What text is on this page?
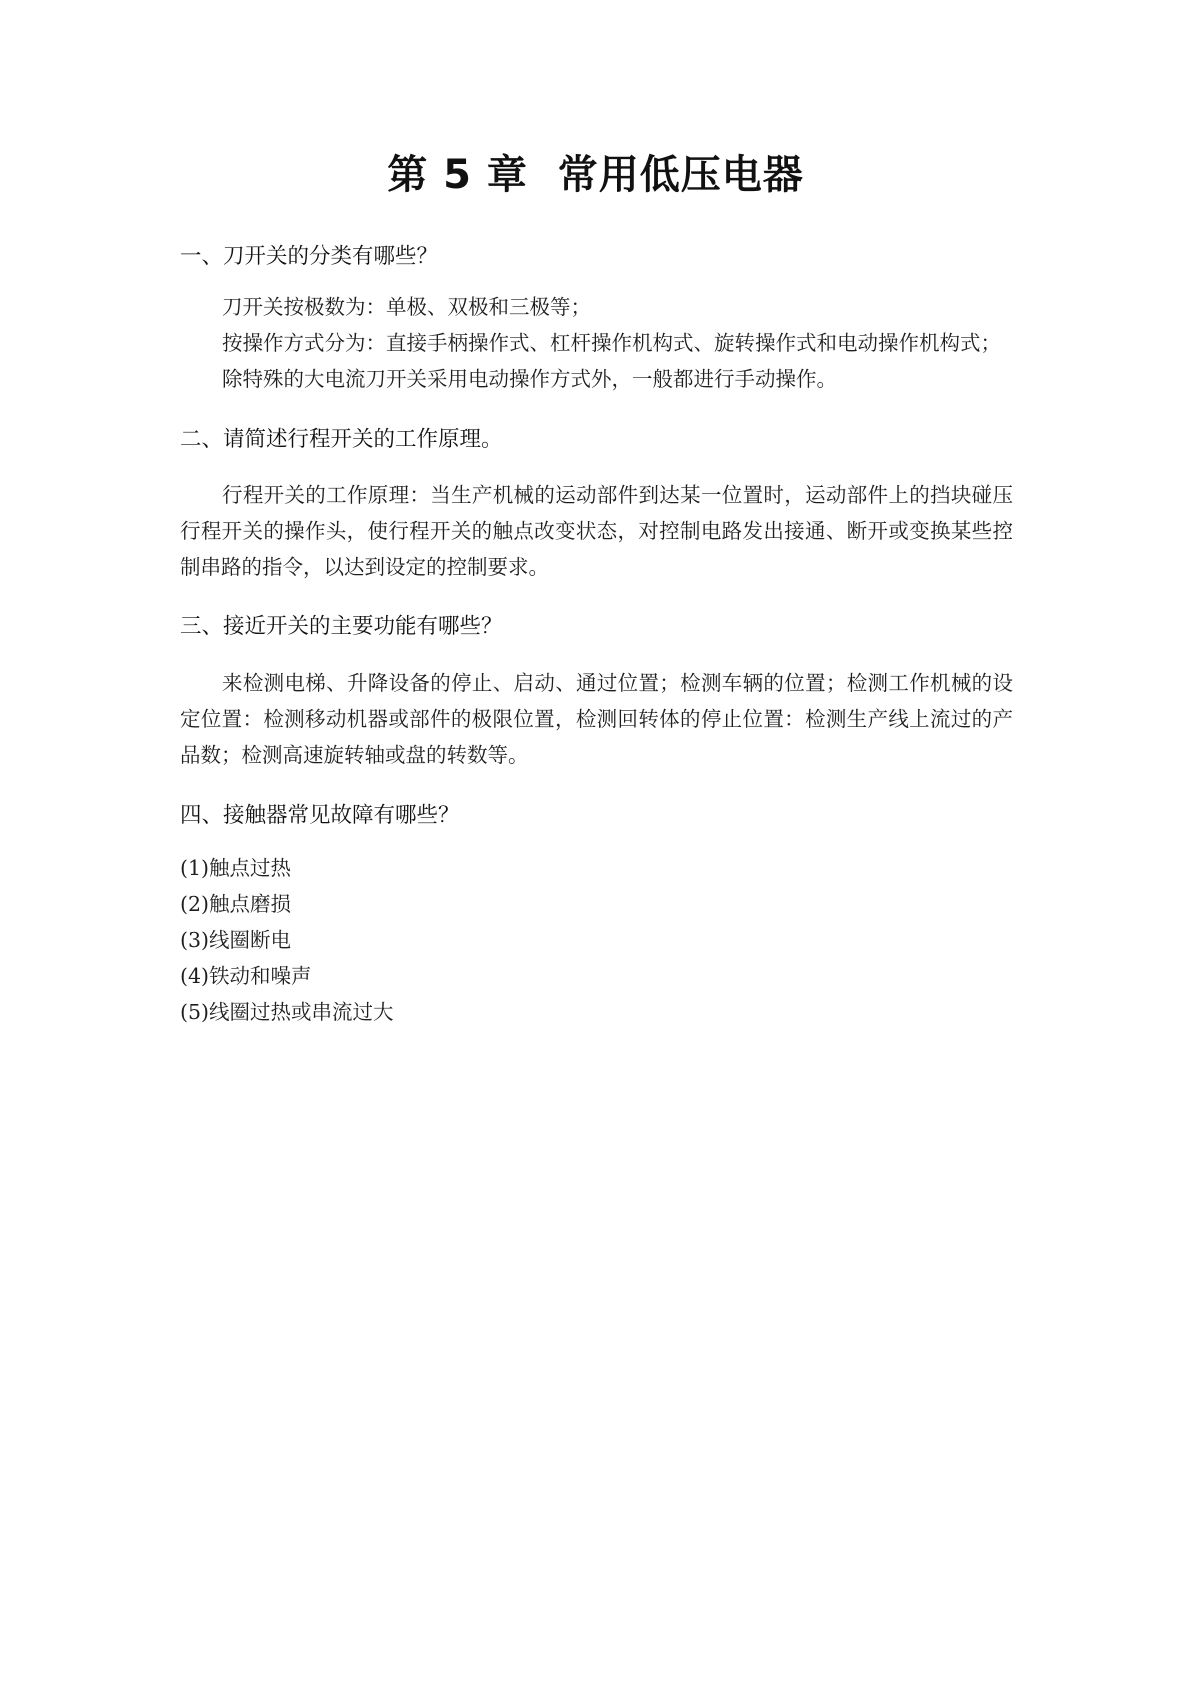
第 5 章  常用低压电器
一、刀开关的分类有哪些？
刀开关按极数为：单极、双极和三极等；
按操作方式分为：直接手柄操作式、杠杆操作机构式、旋转操作式和电动操作机构式；
除特殊的大电流刀开关采用电动操作方式外，一般都进行手动操作。
二、请简述行程开关的工作原理。
行程开关的工作原理：当生产机械的运动部件到达某一位置时，运动部件上的挡块碰压
行程开关的操作头，使行程开关的触点改变状态，对控制电路发出接通、断开或变换某些控
制串路的指令，以达到设定的控制要求。
三、接近开关的主要功能有哪些？
来检测电梯、升降设备的停止、启动、通过位置；检测车辆的位置；检测工作机械的设
定位置：检测移动机器或部件的极限位置，检测回转体的停止位置：检测生产线上流过的产
品数；检测高速旋转轴或盘的转数等。
四、接触器常见故障有哪些？
(1)触点过热
(2)触点磨损
(3)线圈断电
(4)铁动和噪声
(5)线圈过热或串流过大
